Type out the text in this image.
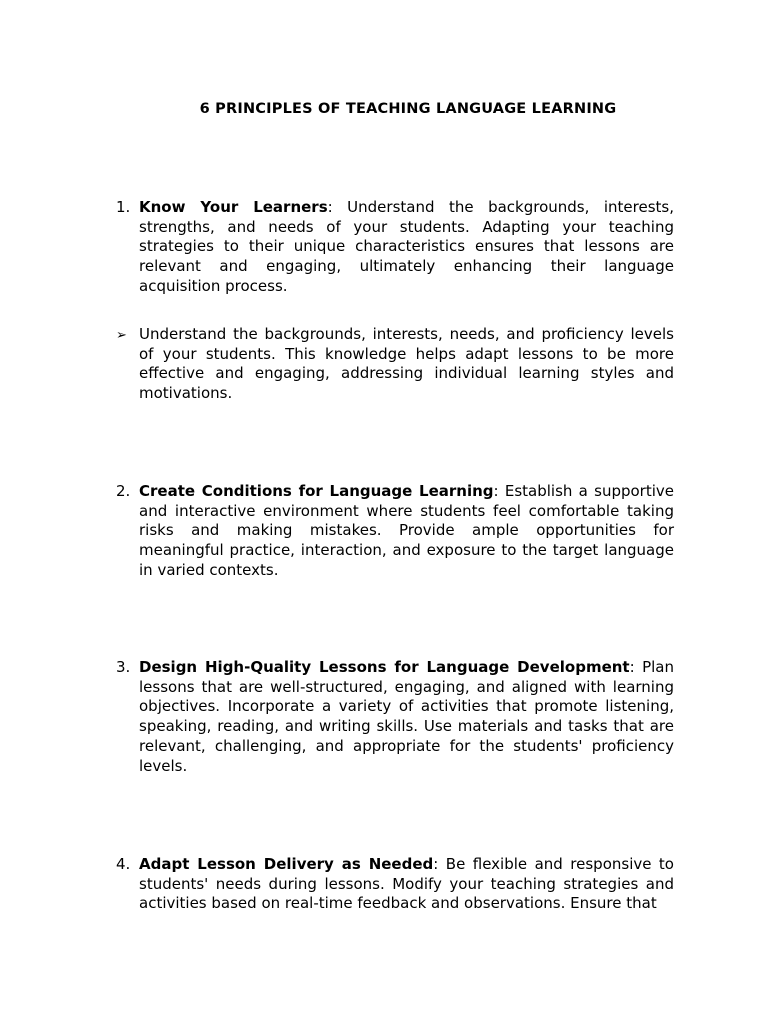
6 PRINCIPLES OF TEACHING LANGUAGE LEARNING
1. Know Your Learners: Understand the backgrounds, interests, strengths, and needs of your students. Adapting your teaching strategies to their unique characteristics ensures that lessons are relevant and engaging, ultimately enhancing their language acquisition process.
➢ Understand the backgrounds, interests, needs, and proficiency levels of your students. This knowledge helps adapt lessons to be more effective and engaging, addressing individual learning styles and motivations.
2. Create Conditions for Language Learning: Establish a supportive and interactive environment where students feel comfortable taking risks and making mistakes. Provide ample opportunities for meaningful practice, interaction, and exposure to the target language in varied contexts.
3. Design High-Quality Lessons for Language Development: Plan lessons that are well-structured, engaging, and aligned with learning objectives. Incorporate a variety of activities that promote listening, speaking, reading, and writing skills. Use materials and tasks that are relevant, challenging, and appropriate for the students' proficiency levels.
4. Adapt Lesson Delivery as Needed: Be flexible and responsive to students' needs during lessons. Modify your teaching strategies and activities based on real-time feedback and observations. Ensure that
